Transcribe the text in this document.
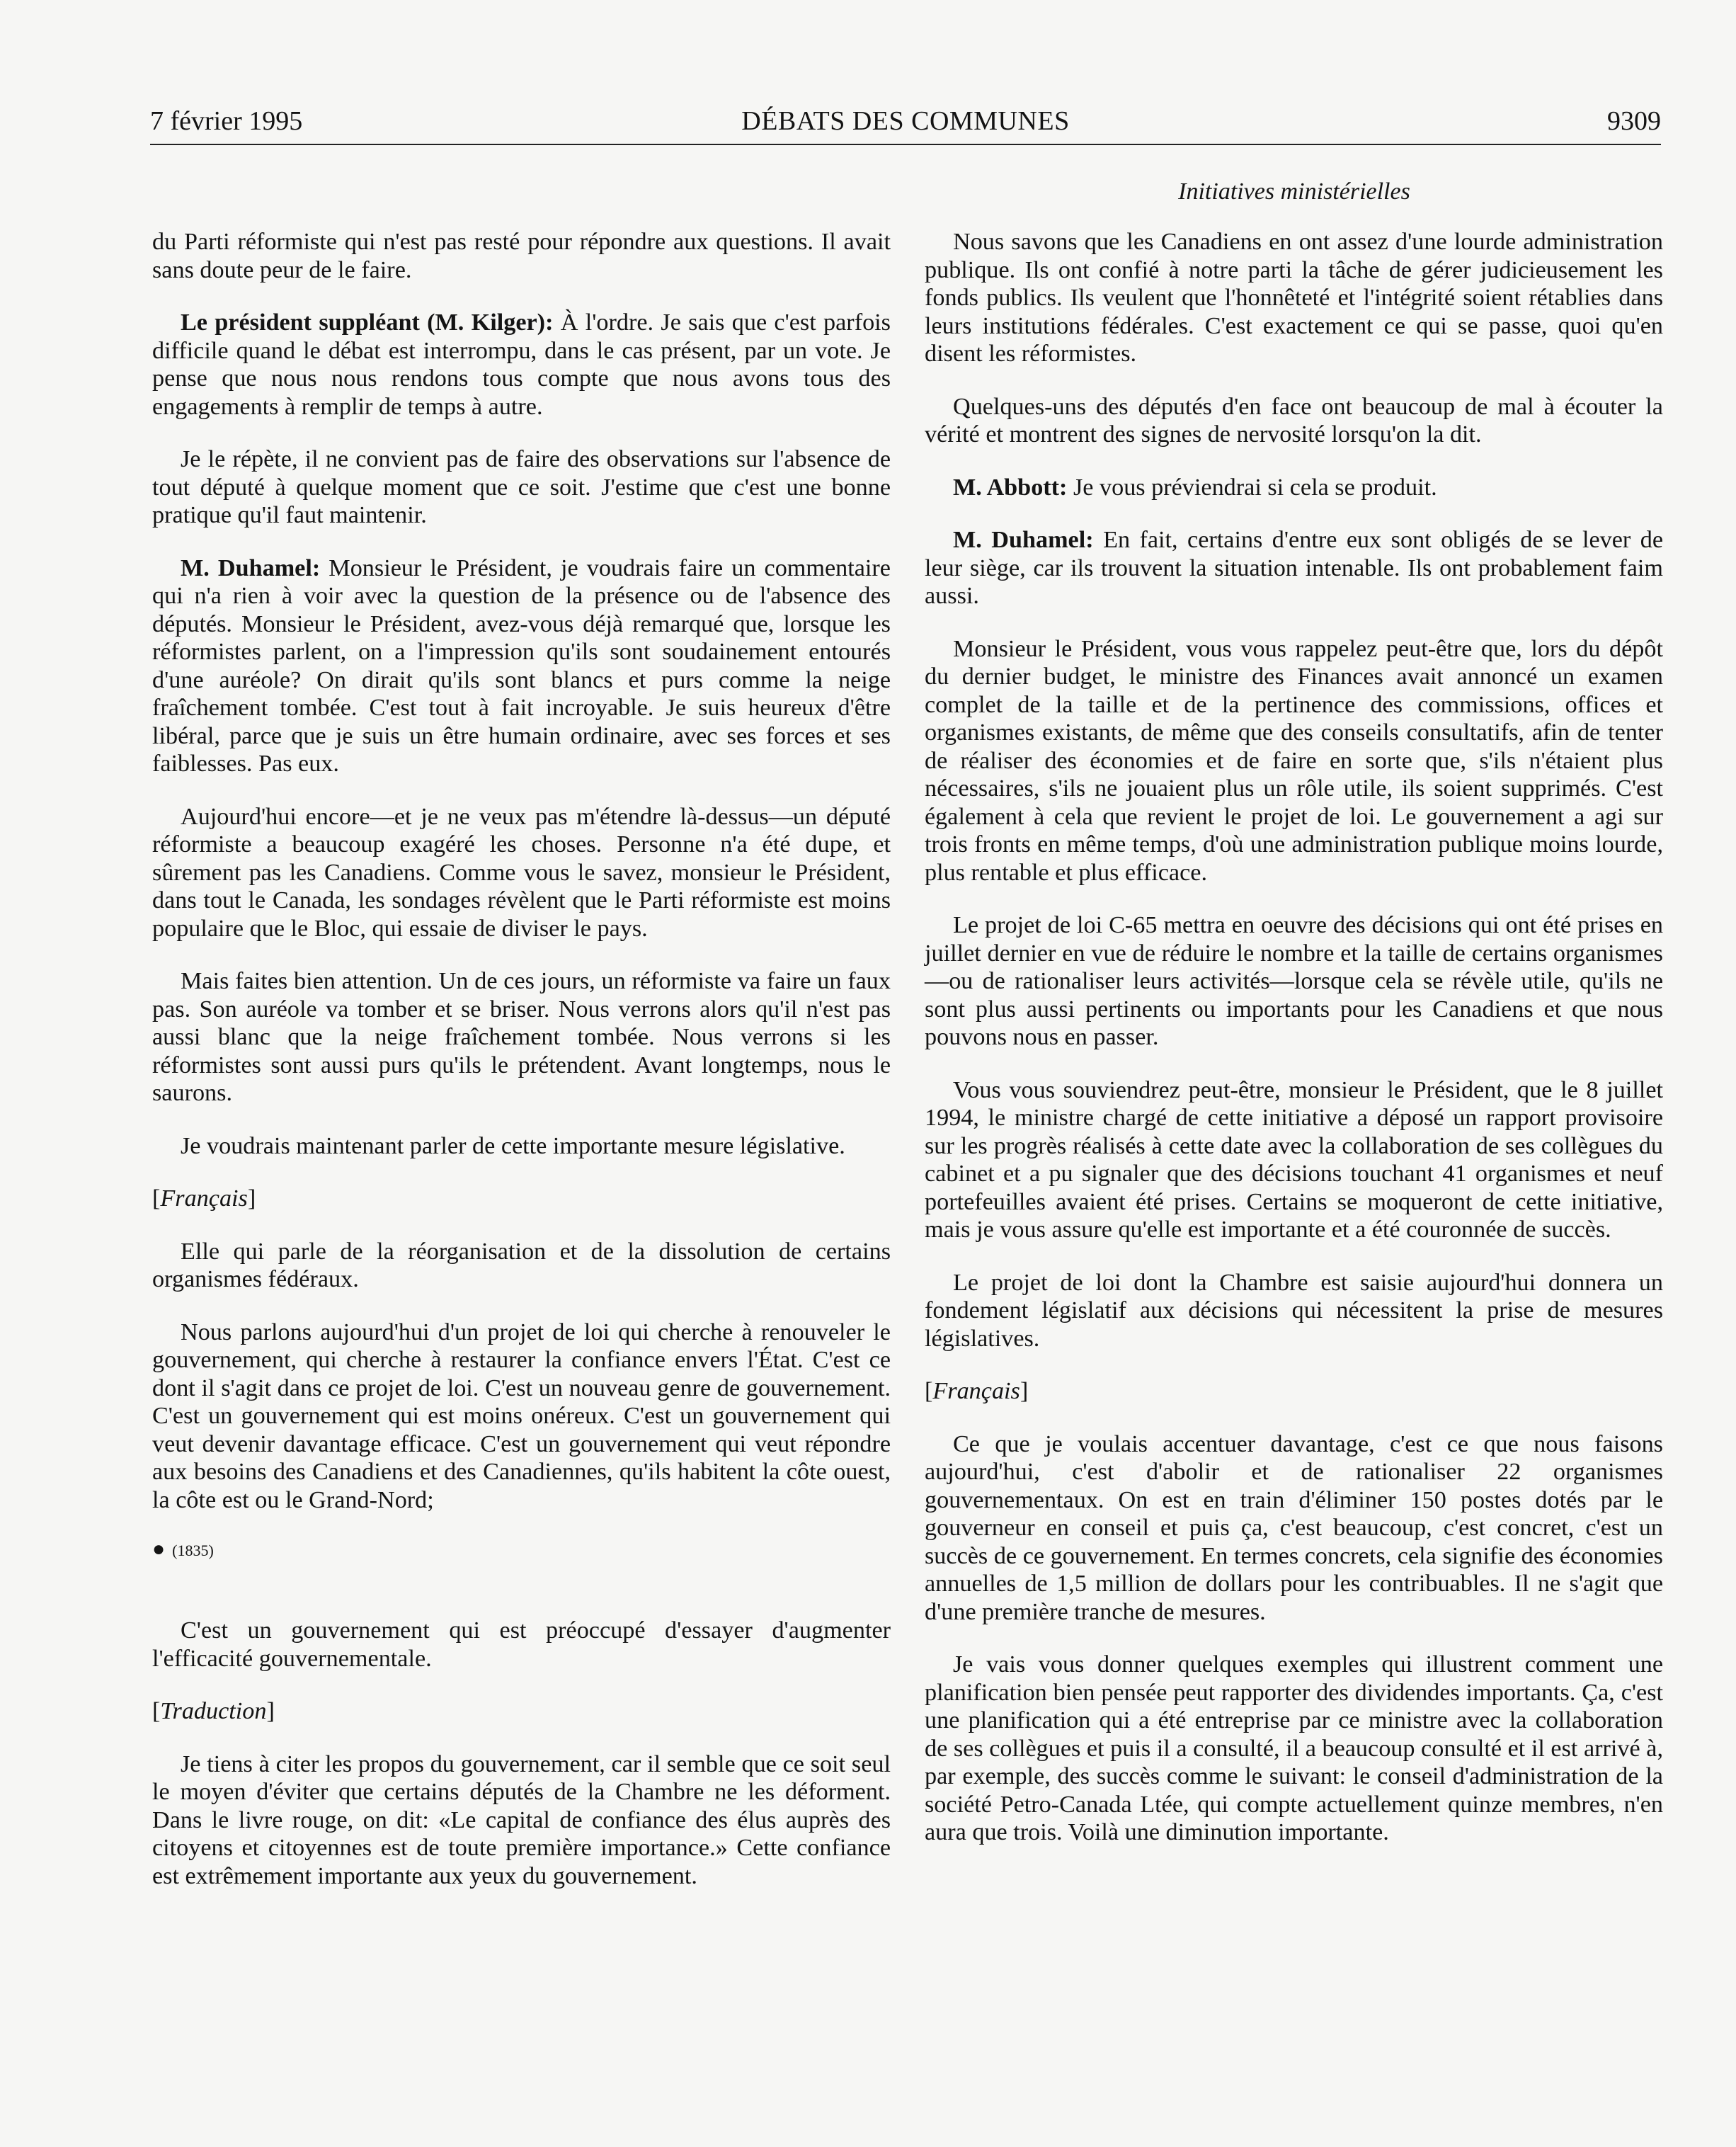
7 février 1995	DÉBATS DES COMMUNES	9309
Initiatives ministérielles

du Parti réformiste qui n'est pas resté pour répondre aux questions. Il avait sans doute peur de le faire.

Le président suppléant (M. Kilger): À l'ordre. Je sais que c'est parfois difficile quand le débat est interrompu, dans le cas présent, par un vote. Je pense que nous nous rendons tous compte que nous avons tous des engagements à remplir de temps à autre.

Je le répète, il ne convient pas de faire des observations sur l'absence de tout député à quelque moment que ce soit. J'estime que c'est une bonne pratique qu'il faut maintenir.

M. Duhamel: Monsieur le Président, je voudrais faire un commentaire qui n'a rien à voir avec la question de la présence ou de l'absence des députés. Monsieur le Président, avez-vous déjà remarqué que, lorsque les réformistes parlent, on a l'impression qu'ils sont soudainement entourés d'une auréole? On dirait qu'ils sont blancs et purs comme la neige fraîchement tombée. C'est tout à fait incroyable. Je suis heureux d'être libéral, parce que je suis un être humain ordinaire, avec ses forces et ses faiblesses. Pas eux.

Aujourd'hui encore—et je ne veux pas m'étendre là-dessus—un député réformiste a beaucoup exagéré les choses. Personne n'a été dupe, et sûrement pas les Canadiens. Comme vous le savez, monsieur le Président, dans tout le Canada, les sondages révèlent que le Parti réformiste est moins populaire que le Bloc, qui essaie de diviser le pays.

Mais faites bien attention. Un de ces jours, un réformiste va faire un faux pas. Son auréole va tomber et se briser. Nous verrons alors qu'il n'est pas aussi blanc que la neige fraîchement tombée. Nous verrons si les réformistes sont aussi purs qu'ils le prétendent. Avant longtemps, nous le saurons.

Je voudrais maintenant parler de cette importante mesure législative.

[Français]

Elle qui parle de la réorganisation et de la dissolution de certains organismes fédéraux.

Nous parlons aujourd'hui d'un projet de loi qui cherche à renouveler le gouvernement, qui cherche à restaurer la confiance envers l'État. C'est ce dont il s'agit dans ce projet de loi. C'est un nouveau genre de gouvernement. C'est un gouvernement qui est moins onéreux. C'est un gouvernement qui veut devenir davantage efficace. C'est un gouvernement qui veut répondre aux besoins des Canadiens et des Canadiennes, qu'ils habitent la côte ouest, la côte est ou le Grand-Nord;

● (1835)

C'est un gouvernement qui est préoccupé d'essayer d'augmenter l'efficacité gouvernementale.

[Traduction]

Je tiens à citer les propos du gouvernement, car il semble que ce soit seul le moyen d'éviter que certains députés de la Chambre ne les déforment. Dans le livre rouge, on dit: «Le capital de confiance des élus auprès des citoyens et citoyennes est de toute première importance.» Cette confiance est extrêmement importante aux yeux du gouvernement.

Nous savons que les Canadiens en ont assez d'une lourde administration publique. Ils ont confié à notre parti la tâche de gérer judicieusement les fonds publics. Ils veulent que l'honnêteté et l'intégrité soient rétablies dans leurs institutions fédérales. C'est exactement ce qui se passe, quoi qu'en disent les réformistes.

Quelques-uns des députés d'en face ont beaucoup de mal à écouter la vérité et montrent des signes de nervosité lorsqu'on la dit.

M. Abbott: Je vous préviendrai si cela se produit.

M. Duhamel: En fait, certains d'entre eux sont obligés de se lever de leur siège, car ils trouvent la situation intenable. Ils ont probablement faim aussi.

Monsieur le Président, vous vous rappelez peut-être que, lors du dépôt du dernier budget, le ministre des Finances avait annoncé un examen complet de la taille et de la pertinence des commissions, offices et organismes existants, de même que des conseils consultatifs, afin de tenter de réaliser des économies et de faire en sorte que, s'ils n'étaient plus nécessaires, s'ils ne jouaient plus un rôle utile, ils soient supprimés. C'est également à cela que revient le projet de loi. Le gouvernement a agi sur trois fronts en même temps, d'où une administration publique moins lourde, plus rentable et plus efficace.

Le projet de loi C-65 mettra en oeuvre des décisions qui ont été prises en juillet dernier en vue de réduire le nombre et la taille de certains organismes—ou de rationaliser leurs activités—lorsque cela se révèle utile, qu'ils ne sont plus aussi pertinents ou importants pour les Canadiens et que nous pouvons nous en passer.

Vous vous souviendrez peut-être, monsieur le Président, que le 8 juillet 1994, le ministre chargé de cette initiative a déposé un rapport provisoire sur les progrès réalisés à cette date avec la collaboration de ses collègues du cabinet et a pu signaler que des décisions touchant 41 organismes et neuf portefeuilles avaient été prises. Certains se moqueront de cette initiative, mais je vous assure qu'elle est importante et a été couronnée de succès.

Le projet de loi dont la Chambre est saisie aujourd'hui donnera un fondement législatif aux décisions qui nécessitent la prise de mesures législatives.

[Français]

Ce que je voulais accentuer davantage, c'est ce que nous faisons aujourd'hui, c'est d'abolir et de rationaliser 22 organismes gouvernementaux. On est en train d'éliminer 150 postes dotés par le gouverneur en conseil et puis ça, c'est beaucoup, c'est concret, c'est un succès de ce gouvernement. En termes concrets, cela signifie des économies annuelles de 1,5 million de dollars pour les contribuables. Il ne s'agit que d'une première tranche de mesures.

Je vais vous donner quelques exemples qui illustrent comment une planification bien pensée peut rapporter des dividendes importants. Ça, c'est une planification qui a été entreprise par ce ministre avec la collaboration de ses collègues et puis il a consulté, il a beaucoup consulté et il est arrivé à, par exemple, des succès comme le suivant: le conseil d'administration de la société Petro-Canada Ltée, qui compte actuellement quinze membres, n'en aura que trois. Voilà une diminution importante.
